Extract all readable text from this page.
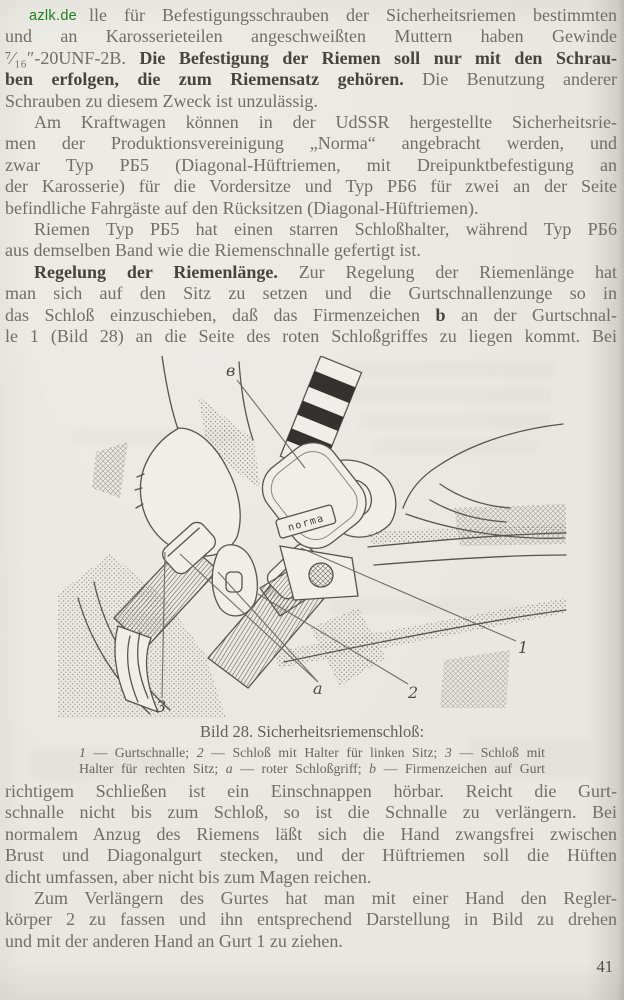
azlk.de lle für Befestigungsschrauben der Sicherheitsriemen bestimmten
und an Karosserieteilen angeschweißten Muttern haben Gewinde
⁷⁄₁₆″-20UNF-2B. Die Befestigung der Riemen soll nur mit den Schrau-
ben erfolgen, die zum Riemensatz gehören. Die Benutzung anderer
Schrauben zu diesem Zweck ist unzulässig.
Am Kraftwagen können in der UdSSR hergestellte Sicherheitsrie-
men der Produktionsvereinigung „Norma“ angebracht werden, und
zwar Typ РБ5 (Diagonal-Hüftriemen, mit Dreipunktbefestigung an
der Karosserie) für die Vordersitze und Typ РБ6 für zwei an der Seite
befindliche Fahrgäste auf den Rücksitzen (Diagonal-Hüftriemen).
Riemen Typ РБ5 hat einen starren Schloßhalter, während Typ РБ6
aus demselben Band wie die Riemenschnalle gefertigt ist.
Regelung der Riemenlänge. Zur Regelung der Riemenlänge hat
man sich auf den Sitz zu setzen und die Gurtschnallenzunge so in
das Schloß einzuschieben, daß das Firmenzeichen b an der Gurtschnal-
le 1 (Bild 28) an die Seite des roten Schloßgriffes zu liegen kommt. Bei
norma
в
1
2
a
3
Bild 28. Sicherheitsriemenschloß:
1 — Gurtschnalle; 2 — Schloß mit Halter für linken Sitz; 3 — Schloß mit
Halter für rechten Sitz; a — roter Schloßgriff; b — Firmenzeichen auf Gurt
richtigem Schließen ist ein Einschnappen hörbar. Reicht die Gurt-
schnalle nicht bis zum Schloß, so ist die Schnalle zu verlängern. Bei
normalem Anzug des Riemens läßt sich die Hand zwangsfrei zwischen
Brust und Diagonalgurt stecken, und der Hüftriemen soll die Hüften
dicht umfassen, aber nicht bis zum Magen reichen.
Zum Verlängern des Gurtes hat man mit einer Hand den Regler-
körper 2 zu fassen und ihn entsprechend Darstellung in Bild zu drehen
und mit der anderen Hand an Gurt 1 zu ziehen.
41
